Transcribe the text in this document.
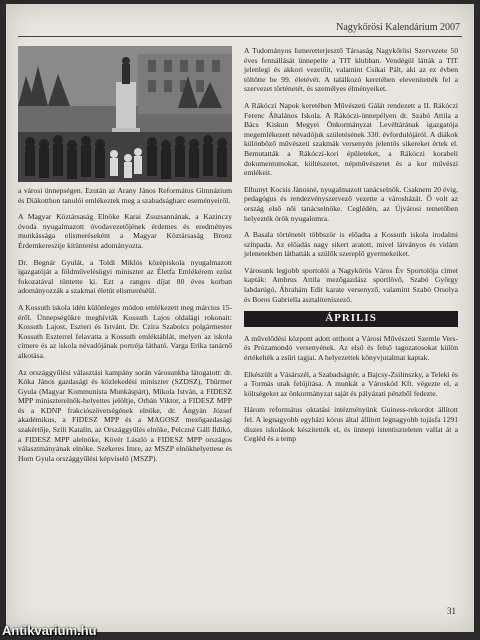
Nagykőrösi Kalendárium 2007

a városi ünnepségen. Ezután az Arany János Református Gimnázium és Diákotthon tanulói emlékeztek meg a szabadságharc eseményeiről.

A Magyar Köztársaság Elnöke Karai Zsuzsannának, a Kazinczy óvoda nyugalmazott óvodavezetőjének érdemes és eredményes munkássága elismeréseként a Magyar Köztársaság Bronz Érdemkeresztje kitüntetést adományozta.

Dr. Begnár Gyulát, a Toldi Miklós középiskola nyugalmazott igazgatóját a földművelésügyi miniszter az Életfa Emlékérem ezüst fokozatával tüntette ki. Ezt a rangos díjat 80 éves korban adományozzák a szakmai életút elismeréséül.

A Kossuth iskola idén különleges módon emlékezett meg március 15-éről. Ünnepségükre meghívták Kossuth Lajos oldalági rokonait: Kossuth Lajost, Eszteri és Istvánt. Dr. Czira Szabolcs polgármester Kossuth Eszterrel felavatta a Kossuth emléktáblát, melyen az iskola címere és az iskola névadójának portréja látható. Varga Erika tanárnő alkotása.

Az országgyűlési választási kampány során városunkba látogatott: dr. Kóka János gazdasági és közlekedési miniszter (SZDSZ), Thürmer Gyula (Magyar Kommunista Munkáspárt), Mikola István, a FIDESZ MPP miniszterelnök-helyettes jelöltje, Orbán Viktor, a FIDESZ MPP és a KDNP frakciószövetségének elnöke, dr. Ángyán József akadémikus, a FIDESZ MPP és a MAGOSZ mezőgazdasági szakértője, Szili Katalin, az Országgyűlés elnöke, Pelczné Gáll Ildikó, a FIDESZ MPP alelnöke, Kövér László a FIDESZ MPP országos választmányának elnöke. Szekeres Imre, az MSZP elnökhelyettese és Horn Gyula országgyűlési képviselő (MSZP).

A Tudományos Ismeretterjesztő Társaság Nagykőrösi Szervezete 50 éves fennállását ünnepelte a TIT klubban. Vendégül látták a TIT jelenlegi és akkori vezetőit, valamint Csikai Pált, aki az ez évben töltötte be 99. életévét. A találkozó keretében elevenítették fel a szervezet történetét, és személyes élményeiket.

A Rákóczi Napok keretében Művészeti Gálát rendezett a II. Rákóczi Ferenc Általános Iskola. A Rákóczi-ünnepélyen dr. Szabó Attila a Bács Kiskun Megyei Önkormányzat Levéltárának igazgatója megemlékezett névadójuk születésének 330. évfordulójáról. A diákok különböző művészeti szakmák versenyén jelentős sikereket értek el. Bemutatták a Rákóczi-kori épületeket, a Rákóczi korabeli dokumentumokat, költészetet, népművészetet és a kor művészi emlékeit.

Elhunyt Kocsis Jánosné, nyugalmazott tanácselnök. Csaknem 20 évig, pedagógus és rendezvényszervező vezette a városházát. Ő volt az ország első női tanácselnöke. Ceglédén, az Újvárosi temetőben helyezték örök nyugalomra.

A Basala történetét többször is előadta a Kossuth iskola irodalmi színpada. Az előadás nagy sikert aratott, mivel látványos és vidám jelenetekben láthatták a szülők szereplő gyermekeiket.

Városunk legjobb sportolói a Nagykőrös Város Év Sportolója címet kapták: Ambrus Attila mezőgazdász sportlövő, Szabó György labdarúgó, Ábrahám Edit karate versenyző, valamint Szabó Orsolya és Boros Gabriella asztaliteniszező.

ÁPRILIS

A művelődési központ adott otthont a Városi Művészeti Szemle Vers- és Prózamondó versenyének. Az első és felső tagozatosokat külön értékelték a zsűri tagjai. A helyezettek könyvjutalmat kaptak.

Elkészült a Vásárszél, a Szabadságtér, a Bajcsy-Zsilinszky, a Teleki és a Tormás utak felújítása. A munkát a Városkód Kft. végezte el, a költségeket az önkormányzat saját és pályázati pénzből fedezte.

Három református oktatási intézményünk Guiness-rekordot állított fel. A legnagyobb egyházi kórus által állított legnagyobb tojásfa 1291 diszes iskolások készítették el, és ünnepi istentiszteleten vallat át a Cegléd és a temp

31
Antikvarium.hu
